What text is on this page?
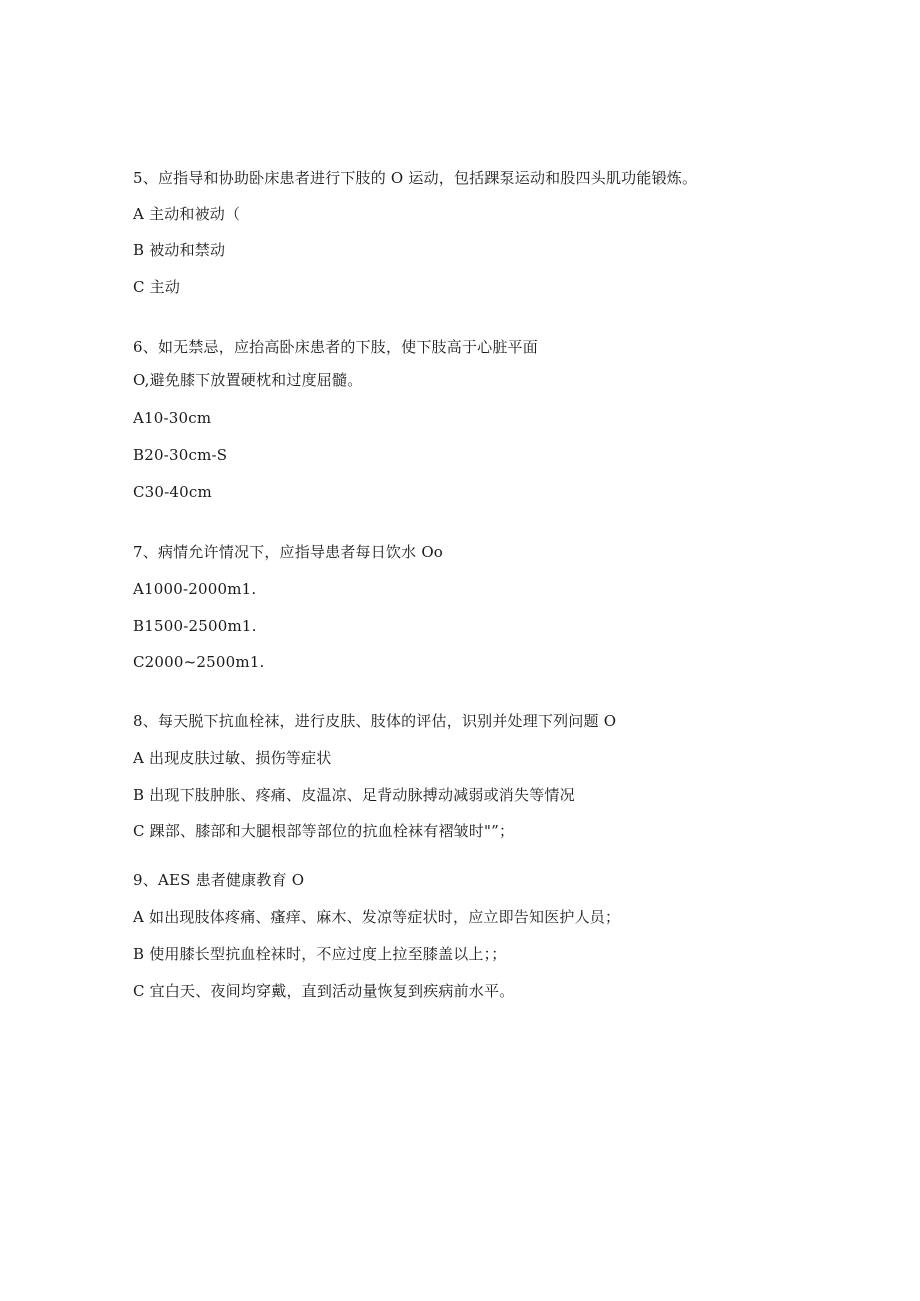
5、应指导和协助卧床患者进行下肢的 O 运动，包括踝泵运动和股四头肌功能锻炼。
A 主动和被动（
B 被动和禁动
C 主动
6、如无禁忌，应抬高卧床患者的下肢，使下肢高于心脏平面
O,避免膝下放置硬枕和过度屈髓。
A10-30cm
B20-30cm-S
C30-40cm
7、病情允许情况下，应指导患者每日饮水 Oo
A1000-2000m1.
B1500-2500m1.
C2000~2500m1.
8、每天脱下抗血栓袜，进行皮肤、肢体的评估，识别并处理下列问题 O
A 出现皮肤过敏、损伤等症状
B 出现下肢肿胀、疼痛、皮温凉、足背动脉搏动减弱或消失等情况
C 踝部、膝部和大腿根部等部位的抗血栓袜有褶皱时"”；
9、AES 患者健康教育 O
A 如出现肢体疼痛、瘙痒、麻木、发凉等症状时，应立即告知医护人员；
B 使用膝长型抗血栓袜时，不应过度上拉至膝盖以上；；
C 宜白天、夜间均穿戴，直到活动量恢复到疾病前水平。
